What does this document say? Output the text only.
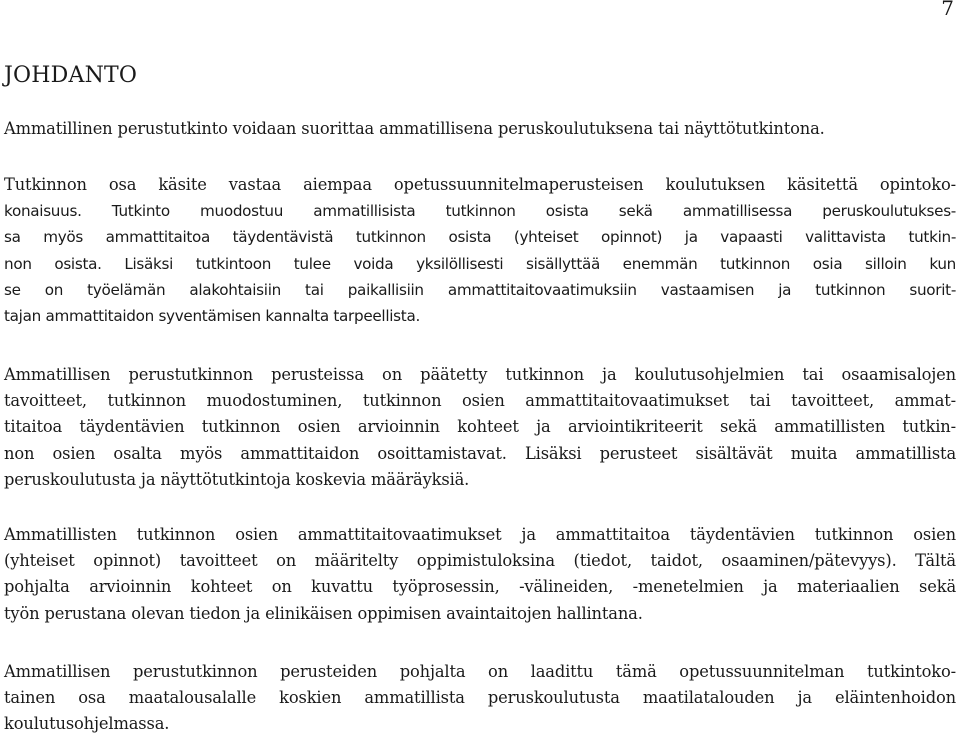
7
JOHDANTO
Ammatillinen perustutkinto voidaan suorittaa ammatillisena peruskoulutuksena tai näyttötutkintona.
Tutkinnon osa käsite vastaa aiempaa opetussuunnitelmaperusteisen koulutuksen käsitettä opintoko-
konaisuus. Tutkinto muodostuu ammatillisista tutkinnon osista sekä ammatillisessa peruskoulutukses-
sa myös ammattitaitoa täydentävistä tutkinnon osista (yhteiset opinnot) ja vapaasti valittavista tutkin-
non osista. Lisäksi tutkintoon tulee voida yksilöllisesti sisällyttää enemmän tutkinnon osia silloin kun
se on työelämän alakohtaisiin tai paikallisiin ammattitaitovaatimuksiin vastaamisen ja tutkinnon suorit-
tajan ammattitaidon syventämisen kannalta tarpeellista.
Ammatillisen perustutkinnon perusteissa on päätetty tutkinnon ja koulutusohjelmien tai osaamisalojen
tavoitteet, tutkinnon muodostuminen, tutkinnon osien ammattitaitovaatimukset tai tavoitteet, ammat-
titaitoa täydentävien tutkinnon osien arvioinnin kohteet ja arviointikriteerit sekä ammatillisten tutkin-
non osien osalta myös ammattitaidon osoittamistavat. Lisäksi perusteet sisältävät muita ammatillista
peruskoulutusta ja näyttötutkintoja koskevia määräyksiä.
Ammatillisten tutkinnon osien ammattitaitovaatimukset ja ammattitaitoa täydentävien tutkinnon osien
(yhteiset opinnot) tavoitteet on määritelty oppimistuloksina (tiedot, taidot, osaaminen/pätevyys). Tältä
pohjalta arvioinnin kohteet on kuvattu työprosessin, -välineiden, -menetelmien ja materiaalien sekä
työn perustana olevan tiedon ja elinikäisen oppimisen avaintaitojen hallintana.
Ammatillisen perustutkinnon perusteiden pohjalta on laadittu tämä opetussuunnitelman tutkintoko-
tainen osa maatalousalalle koskien ammatillista peruskoulutusta maatilatalouden ja eläintenhoidon
koulutusohjelmassa.
